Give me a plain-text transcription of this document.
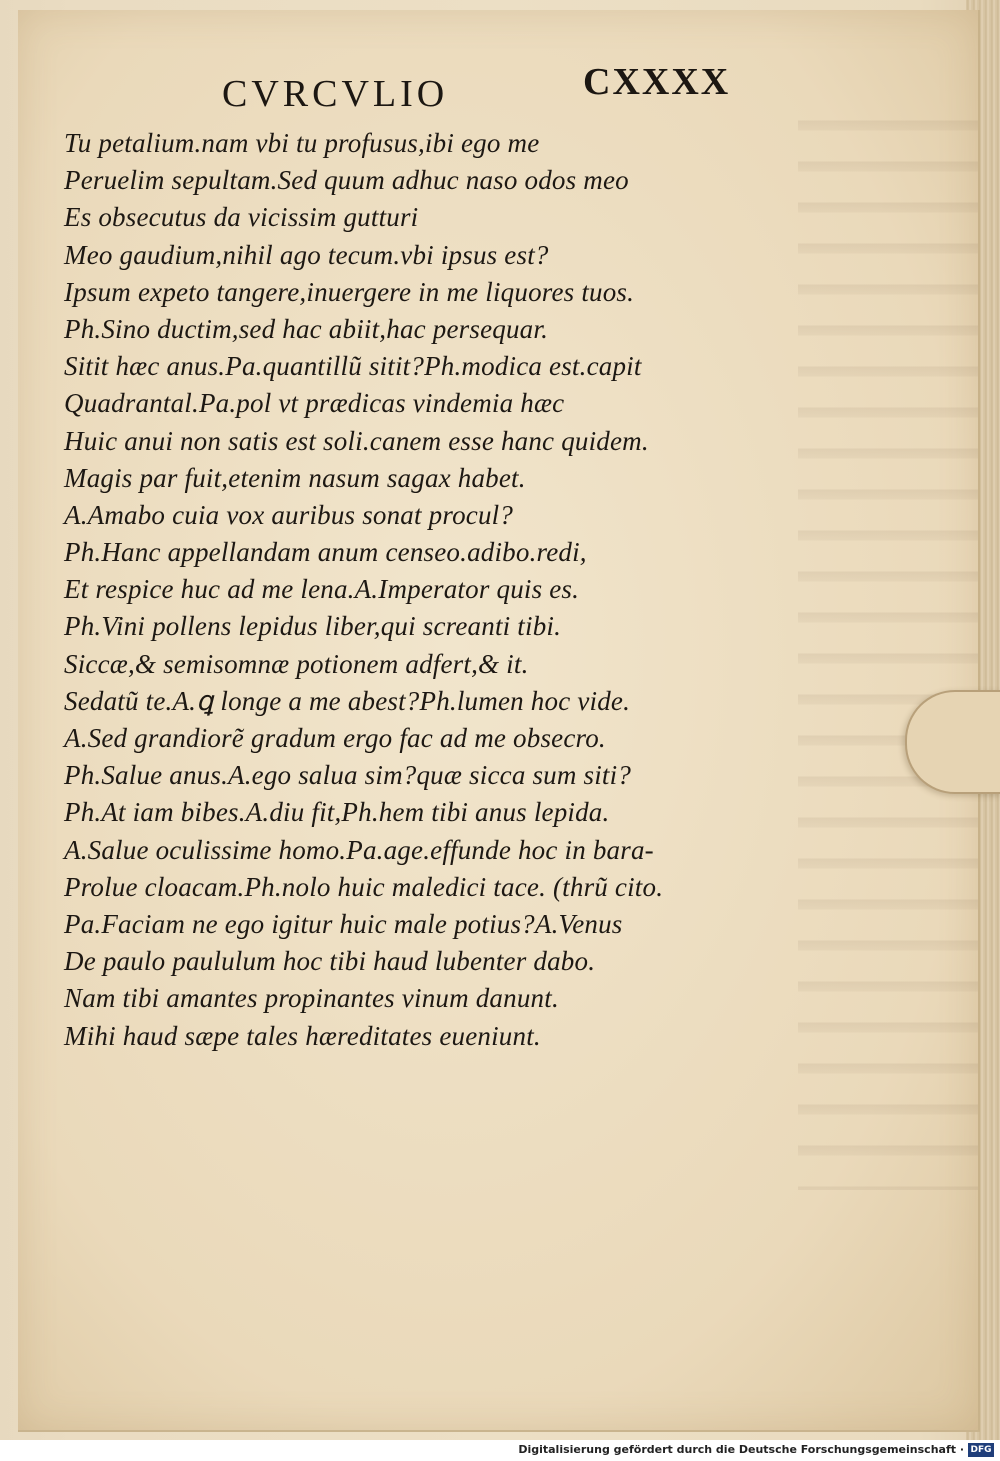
CVRCVLIO	CXXXX
Tu petalium.nam vbi tu profusus,ibi ego me
Peruelim sepultam.Sed quum adhuc naso odos meo
Es obsecutus da vicissim gutturi
Meo gaudium,nihil ago tecum.vbi ipsus est?
Ipsum expeto tangere,inuergere in me liquores tuos.
Ph.Sino ductim,sed hac abiit,hac persequar.
Sitit hæc anus.Pa.quantillũ sitit?Ph.modica est.capit
Quadrantal.Pa.pol vt prædicas vindemia hæc
Huic anui non satis est soli.canem esse hanc quidem.
Magis par fuit,etenim nasum sagax habet.
A.Amabo cuia vox auribus sonat procul?
Ph.Hanc appellandam anum censeo.adibo.redi,
Et respice huc ad me lena.A.Imperator quis es.
Ph.Vini pollens lepidus liber,qui screanti tibi.
Siccæ,& semisomnæ potionem adfert,& it.
Sedatũ te.A.ꝗ longe a me abest?Ph.lumen hoc vide.
A.Sed grandiorẽ gradum ergo fac ad me obsecro.
Ph.Salue anus.A.ego salua sim?quæ sicca sum siti?
Ph.At iam bibes.A.diu fit,Ph.hem tibi anus lepida.
A.Salue oculissime homo.Pa.age.effunde hoc in bara-
Prolue cloacam.Ph.nolo huic maledici tace. (thrũ cito.
Pa.Faciam ne ego igitur huic male potius?A.Venus
De paulo paululum hoc tibi haud lubenter dabo.
Nam tibi amantes propinantes vinum danunt.
Mihi haud sæpe tales hæreditates eueniunt.
Digitalisierung gefördert durch die Deutsche Forschungsgemeinschaft · DFG
